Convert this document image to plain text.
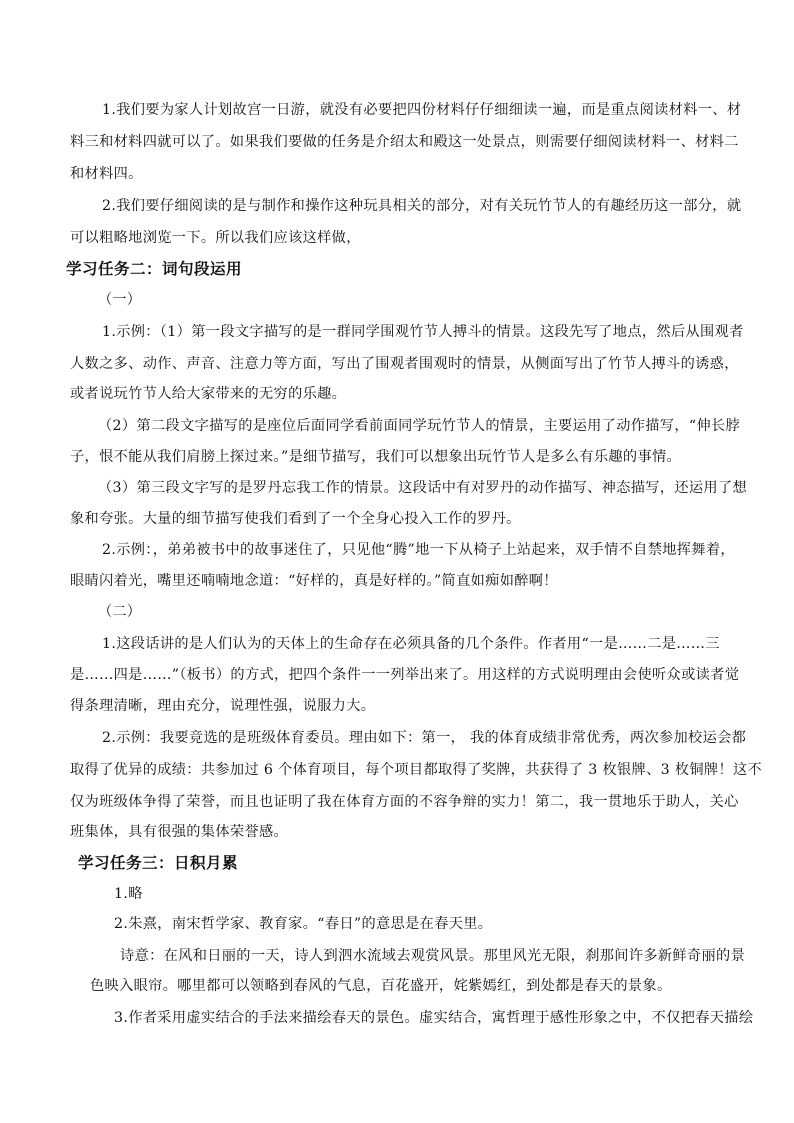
1.我们要为家人计划故宫一日游，就没有必要把四份材料仔仔细细读一遍，而是重点阅读材料一、材
料三和材料四就可以了。如果我们要做的任务是介绍太和殿这一处景点，则需要仔细阅读材料一、材料二
和材料四。
2.我们要仔细阅读的是与制作和操作这种玩具相关的部分，对有关玩竹节人的有趣经历这一部分，就
可以粗略地浏览一下。所以我们应该这样做，
学习任务二：词句段运用
（一）
1.示例：（1）第一段文字描写的是一群同学围观竹节人搏斗的情景。这段先写了地点，然后从围观者
人数之多、动作、声音、注意力等方面，写出了围观者围观时的情景，从侧面写出了竹节人搏斗的诱惑，
或者说玩竹节人给大家带来的无穷的乐趣。
（2）第二段文字描写的是座位后面同学看前面同学玩竹节人的情景，主要运用了动作描写，“伸长脖
子，恨不能从我们肩膀上探过来。”是细节描写，我们可以想象出玩竹节人是多么有乐趣的事情。
（3）第三段文字写的是罗丹忘我工作的情景。这段话中有对罗丹的动作描写、神态描写，还运用了想
象和夸张。大量的细节描写使我们看到了一个全身心投入工作的罗丹。
2.示例：，弟弟被书中的故事迷住了，只见他“腾”地一下从椅子上站起来，双手情不自禁地挥舞着，
眼睛闪着光，嘴里还喃喃地念道：“好样的，真是好样的。”简直如痴如醉啊！
（二）
1.这段话讲的是人们认为的天体上的生命存在必须具备的几个条件。作者用“一是……二是……三
是……四是……”（板书）的方式，把四个条件一一列举出来了。用这样的方式说明理由会使听众或读者觉
得条理清晰，理由充分，说理性强，说服力大。
2.示例：我要竞选的是班级体育委员。理由如下：第一， 我的体育成绩非常优秀，两次参加校运会都
取得了优异的成绩：共参加过 6 个体育项目，每个项目都取得了奖牌，共获得了 3 枚银牌、3 枚铜牌！这不
仅为班级体争得了荣誉，而且也证明了我在体育方面的不容争辩的实力！第二，我一贯地乐于助人，关心
班集体，具有很强的集体荣誉感。
学习任务三：日积月累
1.略
2.朱熹，南宋哲学家、教育家。“春日”的意思是在春天里。
诗意：在风和日丽的一天，诗人到泗水流域去观赏风景。那里风光无限，刹那间许多新鲜奇丽的景
色映入眼帘。哪里都可以领略到春风的气息，百花盛开，姹紫嫣红，到处都是春天的景象。
3.作者采用虚实结合的手法来描绘春天的景色。虚实结合，寓哲理于感性形象之中，不仅把春天描绘
